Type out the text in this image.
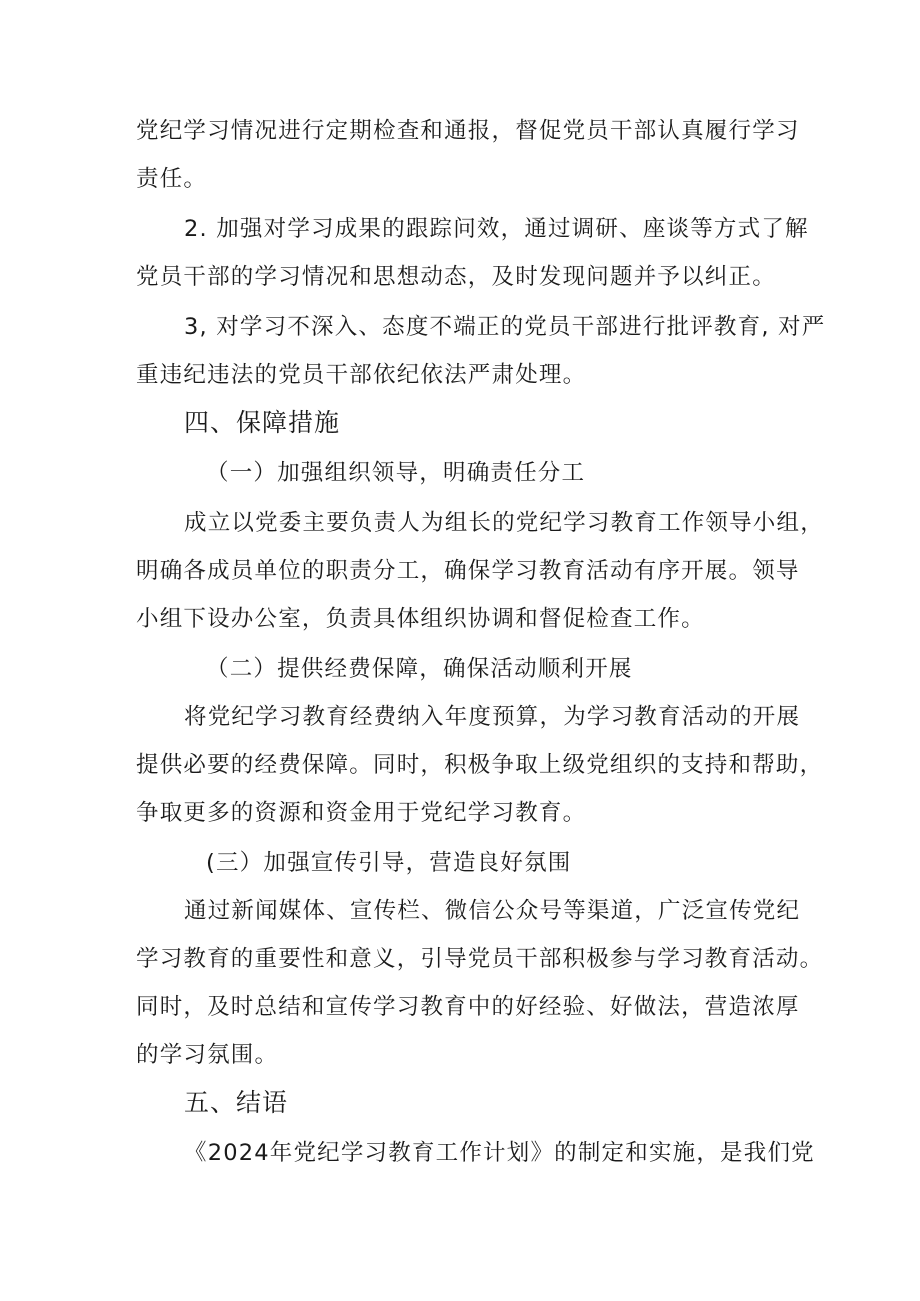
党纪学习情况进行定期检查和通报，督促党员干部认真履行学习
责任。
2. 加强对学习成果的跟踪问效，通过调研、座谈等方式了解
党员干部的学习情况和思想动态，及时发现问题并予以纠正。
3, 对学习不深入、态度不端正的党员干部进行批评教育, 对严
重违纪违法的党员干部依纪依法严肃处理。
四、保障措施
（一）加强组织领导，明确责任分工
成立以党委主要负责人为组长的党纪学习教育工作领导小组，
明确各成员单位的职责分工，确保学习教育活动有序开展。领导
小组下设办公室，负责具体组织协调和督促检查工作。
（二）提供经费保障，确保活动顺利开展
将党纪学习教育经费纳入年度预算，为学习教育活动的开展
提供必要的经费保障。同时，积极争取上级党组织的支持和帮助，
争取更多的资源和资金用于党纪学习教育。
(三）加强宣传引导，营造良好氛围
通过新闻媒体、宣传栏、微信公众号等渠道，广泛宣传党纪
学习教育的重要性和意义，引导党员干部积极参与学习教育活动。
同时，及时总结和宣传学习教育中的好经验、好做法，营造浓厚
的学习氛围。
五、结语
《2024年党纪学习教育工作计划》的制定和实施，是我们党
